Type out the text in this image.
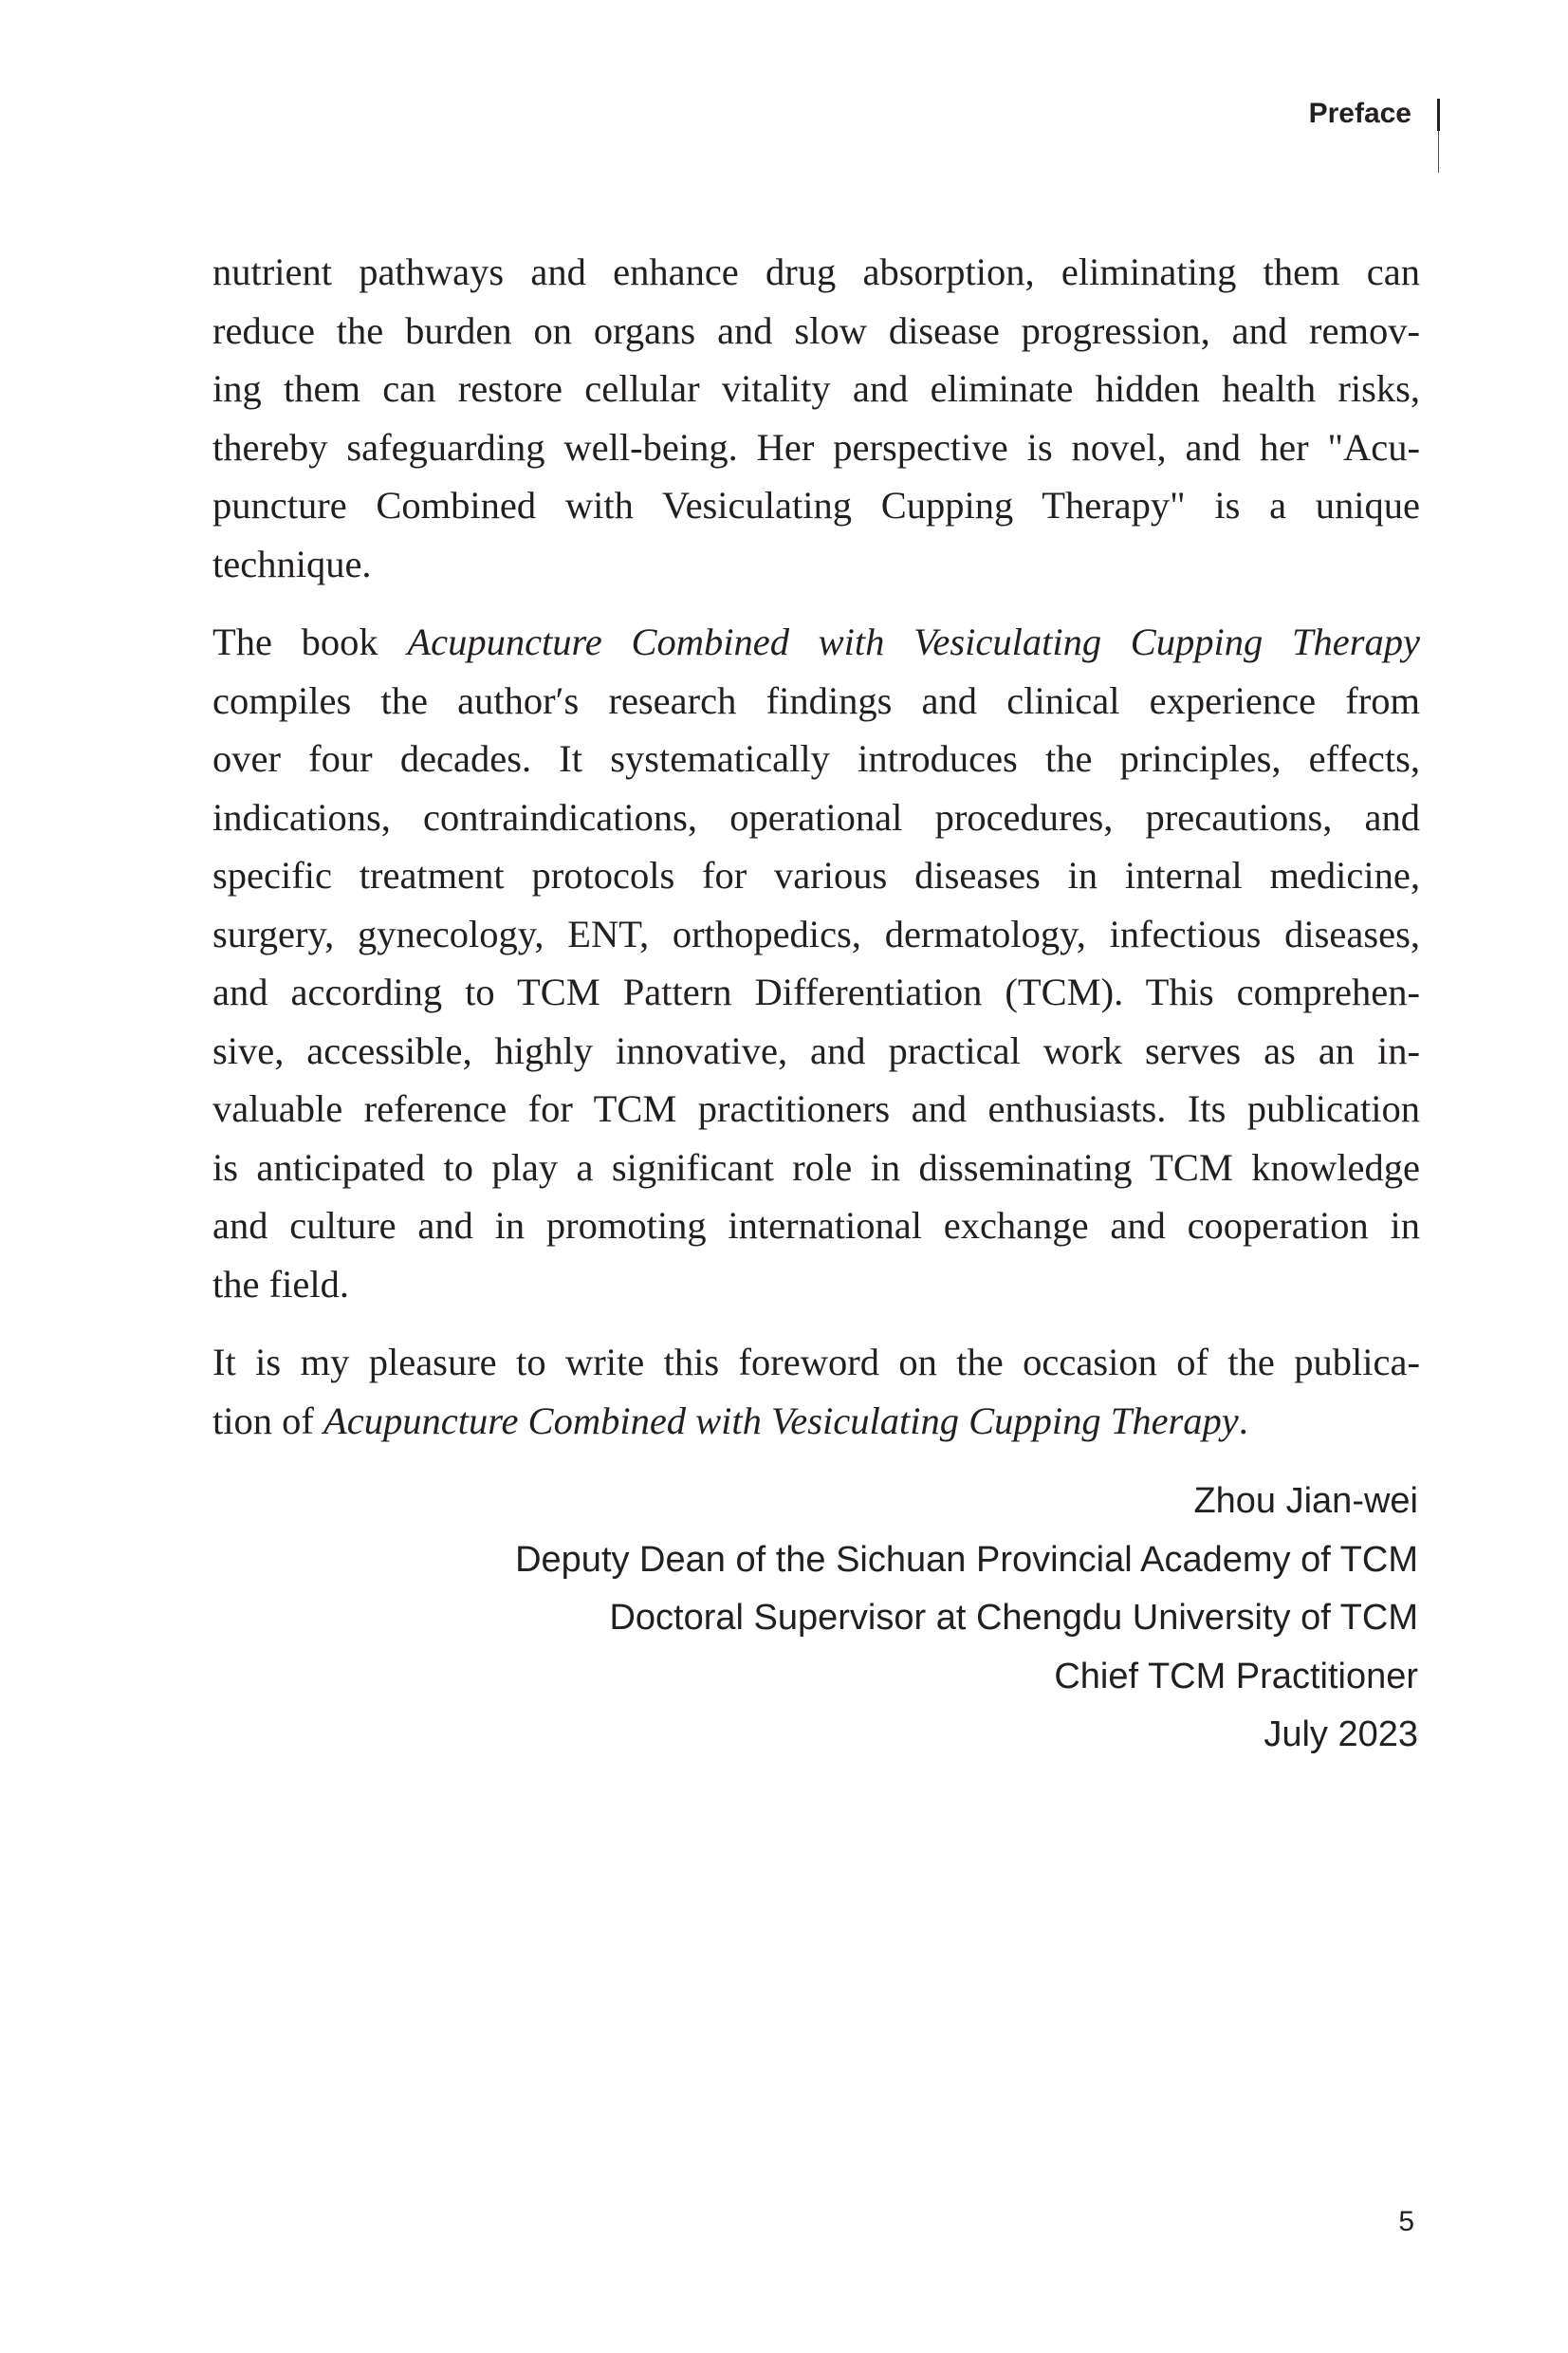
Preface
nutrient pathways and enhance drug absorption, eliminating them can
reduce the burden on organs and slow disease progression, and remov-
ing them can restore cellular vitality and eliminate hidden health risks,
thereby safeguarding well-being. Her perspective is novel, and her "Acu-
puncture Combined with Vesiculating Cupping Therapy" is a unique
technique.
The book Acupuncture Combined with Vesiculating Cupping Therapy
compiles the author′s research findings and clinical experience from
over four decades. It systematically introduces the principles, effects,
indications, contraindications, operational procedures, precautions, and
specific treatment protocols for various diseases in internal medicine,
surgery, gynecology, ENT, orthopedics, dermatology, infectious diseases,
and according to TCM Pattern Differentiation (TCM). This comprehen-
sive, accessible, highly innovative, and practical work serves as an in-
valuable reference for TCM practitioners and enthusiasts. Its publication
is anticipated to play a significant role in disseminating TCM knowledge
and culture and in promoting international exchange and cooperation in
the field.
It is my pleasure to write this foreword on the occasion of the publica-
tion of Acupuncture Combined with Vesiculating Cupping Therapy.
Zhou Jian-wei
Deputy Dean of the Sichuan Provincial Academy of TCM
Doctoral Supervisor at Chengdu University of TCM
Chief TCM Practitioner
July 2023
5
